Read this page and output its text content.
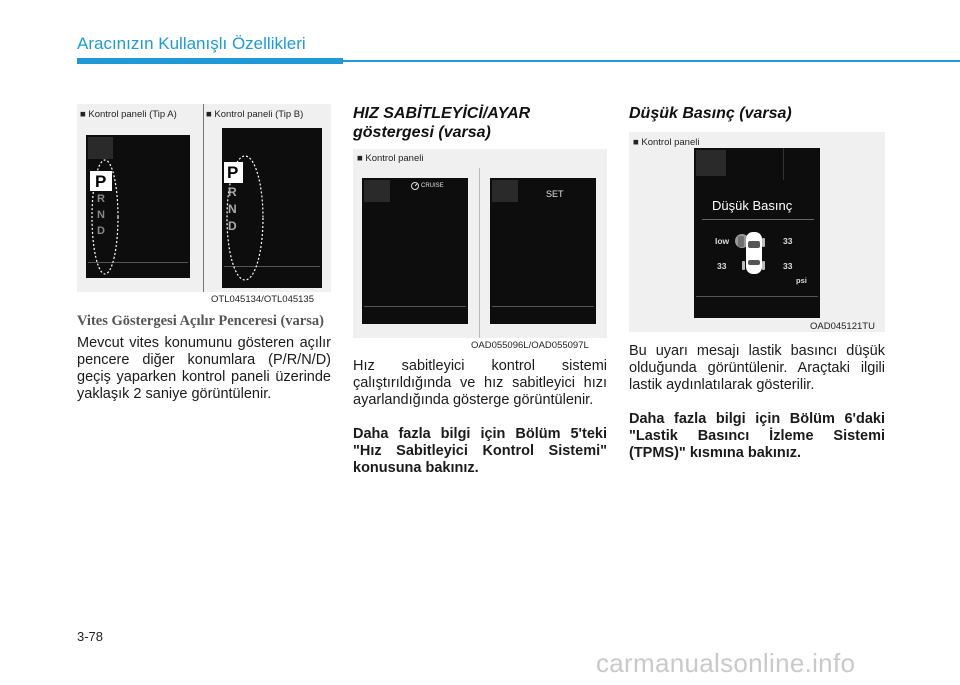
Aracınızın Kullanışlı Özellikleri
■ Kontrol paneli (Tip A)	■ Kontrol paneli (Tip B)
P
R
N
D
P
R
N
D
OTL045134/OTL045135
Vites Göstergesi Açılır Penceresi (varsa)
Mevcut vites konumunu gösteren açılır pencere diğer konumlara (P/R/N/D) geçiş yaparken kontrol paneli üzerinde yaklaşık 2 saniye görüntülenir.
HIZ SABİTLEYİCİ/AYAR göstergesi (varsa)
■ Kontrol paneli
CRUISE
SET
OAD055096L/OAD055097L
Hız sabitleyici kontrol sistemi çalıştırıldığında ve hız sabitleyici hızı ayarlandığında gösterge görüntülenir.
Daha fazla bilgi için Bölüm 5'teki "Hız Sabitleyici Kontrol Sistemi" konusuna bakınız.
Düşük Basınç (varsa)
■ Kontrol paneli
Düşük Basınç
low	33
33	33
psi
OAD045121TU
Bu uyarı mesajı lastik basıncı düşük olduğunda görüntülenir. Araçtaki ilgili lastik aydınlatılarak gösterilir.
Daha fazla bilgi için Bölüm 6'daki "Lastik Basıncı İzleme Sistemi (TPMS)" kısmına bakınız.
3-78
carmanualsonline.info
